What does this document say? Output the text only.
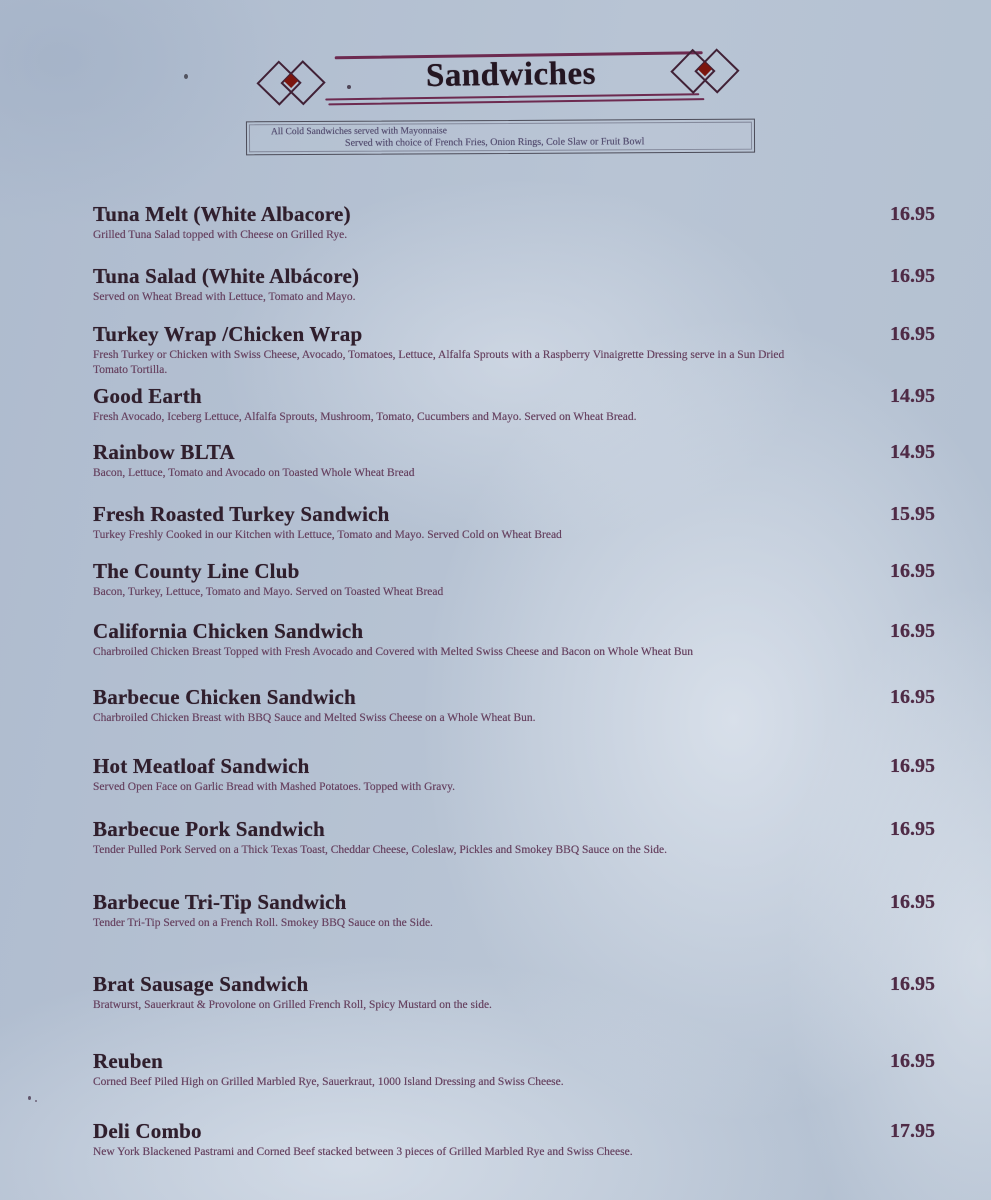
Sandwiches
All Cold Sandwiches served with Mayonnaise
Served with choice of French Fries, Onion Rings, Cole Slaw or Fruit Bowl
Tuna Melt (White Albacore)	16.95
Grilled Tuna Salad topped with Cheese on Grilled Rye.
Tuna Salad (White Albácore)	16.95
Served on Wheat Bread with Lettuce, Tomato and Mayo.
Turkey Wrap /Chicken Wrap	16.95
Fresh Turkey or Chicken with Swiss Cheese, Avocado, Tomatoes, Lettuce, Alfalfa Sprouts with a Raspberry Vinaigrette Dressing serve in a Sun Dried Tomato Tortilla.
Good Earth	14.95
Fresh Avocado, Iceberg Lettuce, Alfalfa Sprouts, Mushroom, Tomato, Cucumbers and Mayo. Served on Wheat Bread.
Rainbow BLTA	14.95
Bacon, Lettuce, Tomato and Avocado on Toasted Whole Wheat Bread
Fresh Roasted Turkey Sandwich	15.95
Turkey Freshly Cooked in our Kitchen with Lettuce, Tomato and Mayo. Served Cold on Wheat Bread
The County Line Club	16.95
Bacon, Turkey, Lettuce, Tomato and Mayo. Served on Toasted Wheat Bread
California Chicken Sandwich	16.95
Charbroiled Chicken Breast Topped with Fresh Avocado and Covered with Melted Swiss Cheese and Bacon on Whole Wheat Bun
Barbecue Chicken Sandwich	16.95
Charbroiled Chicken Breast with BBQ Sauce and Melted Swiss Cheese on a Whole Wheat Bun.
Hot Meatloaf Sandwich	16.95
Served Open Face on Garlic Bread with Mashed Potatoes. Topped with Gravy.
Barbecue Pork Sandwich	16.95
Tender Pulled Pork Served on a Thick Texas Toast, Cheddar Cheese, Coleslaw, Pickles and Smokey BBQ Sauce on the Side.
Barbecue Tri-Tip Sandwich	16.95
Tender Tri-Tip Served on a French Roll. Smokey BBQ Sauce on the Side.
Brat Sausage Sandwich	16.95
Bratwurst, Sauerkraut & Provolone on Grilled French Roll, Spicy Mustard on the side.
Reuben	16.95
Corned Beef Piled High on Grilled Marbled Rye, Sauerkraut, 1000 Island Dressing and Swiss Cheese.
Deli Combo	17.95
New York Blackened Pastrami and Corned Beef stacked between 3 pieces of Grilled Marbled Rye and Swiss Cheese.
